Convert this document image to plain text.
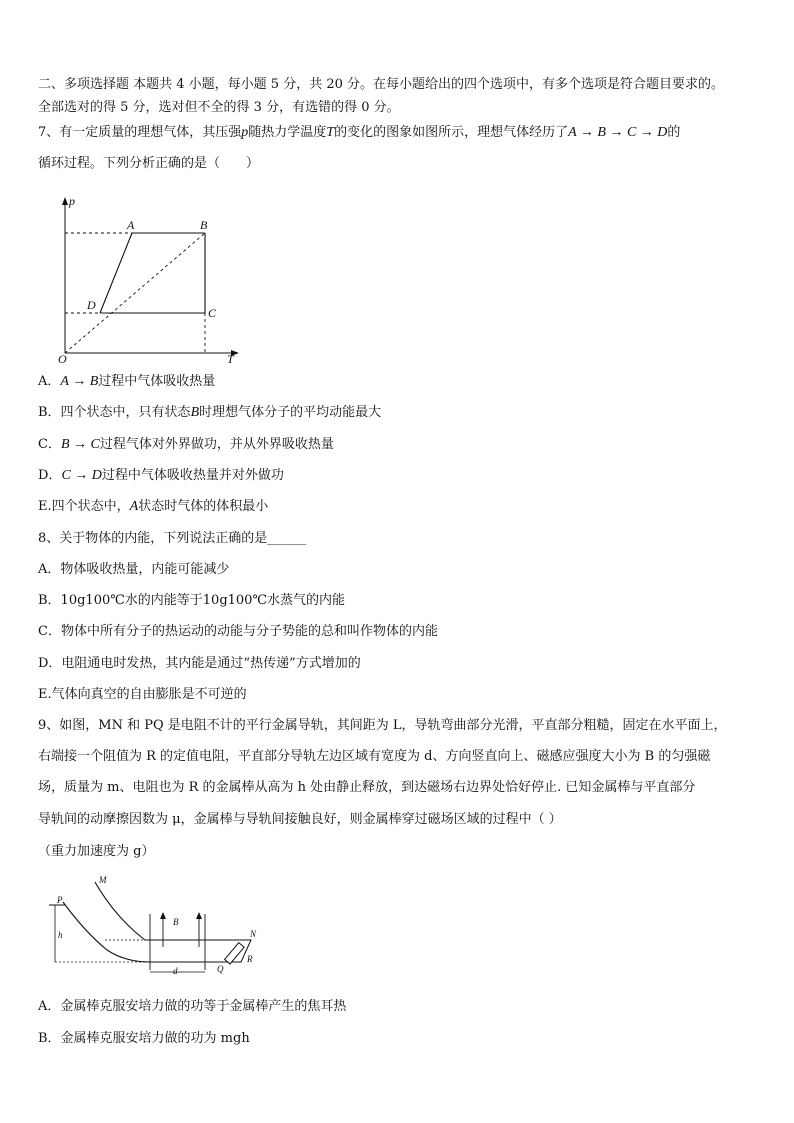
二、多项选择题 本题共 4 小题，每小题 5 分，共 20 分。在每小题给出的四个选项中，有多个选项是符合题目要求的。
全部选对的得 5 分，选对但不全的得 3 分，有选错的得 0 分。
7、有一定质量的理想气体，其压强p随热力学温度T的变化的图象如图所示，理想气体经历了A → B → C → D的
循环过程。下列分析正确的是（　　）
p
T
O
A	B
C
D
A．A → B过程中气体吸收热量
B．四个状态中，只有状态B时理想气体分子的平均动能最大
C．B → C过程气体对外界做功，并从外界吸收热量
D．C → D过程中气体吸收热量并对外做功
E.四个状态中，A状态时气体的体积最小
8、关于物体的内能，下列说法正确的是______
A．物体吸收热量，内能可能减少
B．10g100℃水的内能等于10g100℃水蒸气的内能
C．物体中所有分子的热运动的动能与分子势能的总和叫作物体的内能
D．电阻通电时发热，其内能是通过“热传递”方式增加的
E.气体向真空的自由膨胀是不可逆的
9、如图，MN 和 PQ 是电阻不计的平行金属导轨，其间距为 L，导轨弯曲部分光滑，平直部分粗糙，固定在水平面上，
右端接一个阻值为 R 的定值电阻，平直部分导轨左边区域有宽度为 d、方向竖直向上、磁感应强度大小为 B 的匀强磁
场，质量为 m、电阻也为 R 的金属棒从高为 h 处由静止释放，到达磁场右边界处恰好停止. 已知金属棒与平直部分
导轨间的动摩擦因数为 μ，金属棒与导轨间接触良好，则金属棒穿过磁场区域的过程中（ ）
（重力加速度为 g）
M
P
N
Q
R
B
h
d
A．金属棒克服安培力做的功等于金属棒产生的焦耳热
B．金属棒克服安培力做的功为 mgh
